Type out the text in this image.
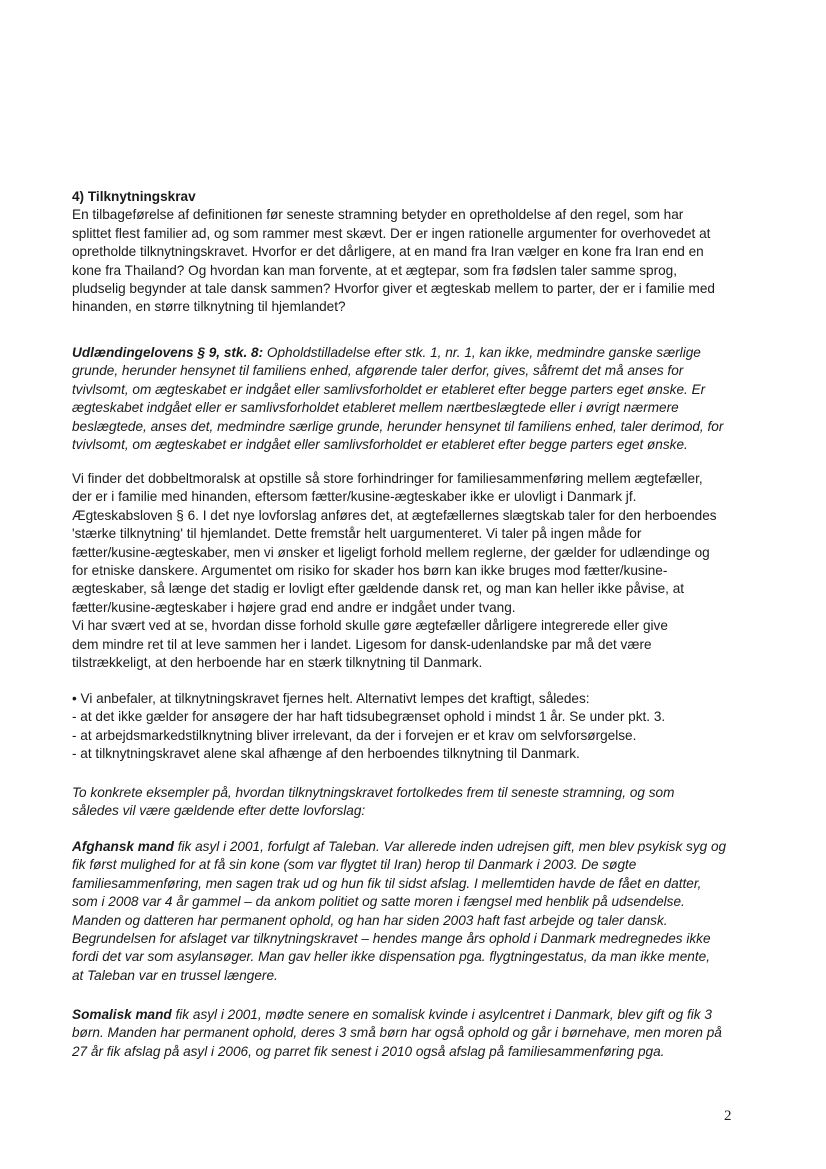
4) Tilknytningskrav
En tilbageførelse af definitionen før seneste stramning betyder en opretholdelse af den regel, som har
splittet flest familier ad, og som rammer mest skævt. Der er ingen rationelle argumenter for overhovedet at
opretholde tilknytningskravet. Hvorfor er det dårligere, at en mand fra Iran vælger en kone fra Iran end en
kone fra Thailand? Og hvordan kan man forvente, at et ægtepar, som fra fødslen taler samme sprog,
pludselig begynder at tale dansk sammen? Hvorfor giver et ægteskab mellem to parter, der er i familie med
hinanden, en større tilknytning til hjemlandet?
Udlændingelovens § 9, stk. 8: Opholdstilladelse efter stk. 1, nr. 1, kan ikke, medmindre ganske særlige
grunde, herunder hensynet til familiens enhed, afgørende taler derfor, gives, såfremt det må anses for
tvivlsomt, om ægteskabet er indgået eller samlivsforholdet er etableret efter begge parters eget ønske. Er
ægteskabet indgået eller er samlivsforholdet etableret mellem nærtbeslægtede eller i øvrigt nærmere
beslægtede, anses det, medmindre særlige grunde, herunder hensynet til familiens enhed, taler derimod, for
tvivlsomt, om ægteskabet er indgået eller samlivsforholdet er etableret efter begge parters eget ønske.
Vi finder det dobbeltmoralsk at opstille så store forhindringer for familiesammenføring mellem ægtefæller,
der er i familie med hinanden, eftersom fætter/kusine-ægteskaber ikke er ulovligt i Danmark jf.
Ægteskabsloven § 6. I det nye lovforslag anføres det, at ægtefællernes slægtskab taler for den herboendes
'stærke tilknytning' til hjemlandet. Dette fremstår helt uargumenteret. Vi taler på ingen måde for
fætter/kusine-ægteskaber, men vi ønsker et ligeligt forhold mellem reglerne, der gælder for udlændinge og
for etniske danskere. Argumentet om risiko for skader hos børn kan ikke bruges mod fætter/kusine-
ægteskaber, så længe det stadig er lovligt efter gældende dansk ret, og man kan heller ikke påvise, at
fætter/kusine-ægteskaber i højere grad end andre er indgået under tvang.
Vi har svært ved at se, hvordan disse forhold skulle gøre ægtefæller dårligere integrerede eller give
dem mindre ret til at leve sammen her i landet. Ligesom for dansk-udenlandske par må det være
tilstrækkeligt, at den herboende har en stærk tilknytning til Danmark.
• Vi anbefaler, at tilknytningskravet fjernes helt. Alternativt lempes det kraftigt, således:
- at det ikke gælder for ansøgere der har haft tidsubegrænset ophold i mindst 1 år. Se under pkt. 3.
- at arbejdsmarkedstilknytning bliver irrelevant, da der i forvejen er et krav om selvforsørgelse.
- at tilknytningskravet alene skal afhænge af den herboendes tilknytning til Danmark.
To konkrete eksempler på, hvordan tilknytningskravet fortolkedes frem til seneste stramning, og som
således vil være gældende efter dette lovforslag:
Afghansk mand fik asyl i 2001, forfulgt af Taleban. Var allerede inden udrejsen gift, men blev psykisk syg og
fik først mulighed for at få sin kone (som var flygtet til Iran) herop til Danmark i 2003. De søgte
familiesammenføring, men sagen trak ud og hun fik til sidst afslag. I mellemtiden havde de fået en datter,
som i 2008 var 4 år gammel – da ankom politiet og satte moren i fængsel med henblik på udsendelse.
Manden og datteren har permanent ophold, og han har siden 2003 haft fast arbejde og taler dansk.
Begrundelsen for afslaget var tilknytningskravet – hendes mange års ophold i Danmark medregnedes ikke
fordi det var som asylansøger. Man gav heller ikke dispensation pga. flygtningestatus, da man ikke mente,
at Taleban var en trussel længere.
Somalisk mand fik asyl i 2001, mødte senere en somalisk kvinde i asylcentret i Danmark, blev gift og fik 3
børn. Manden har permanent ophold, deres 3 små børn har også ophold og går i børnehave, men moren på
27 år fik afslag på asyl i 2006, og parret fik senest i 2010 også afslag på familiesammenføring pga.
2
